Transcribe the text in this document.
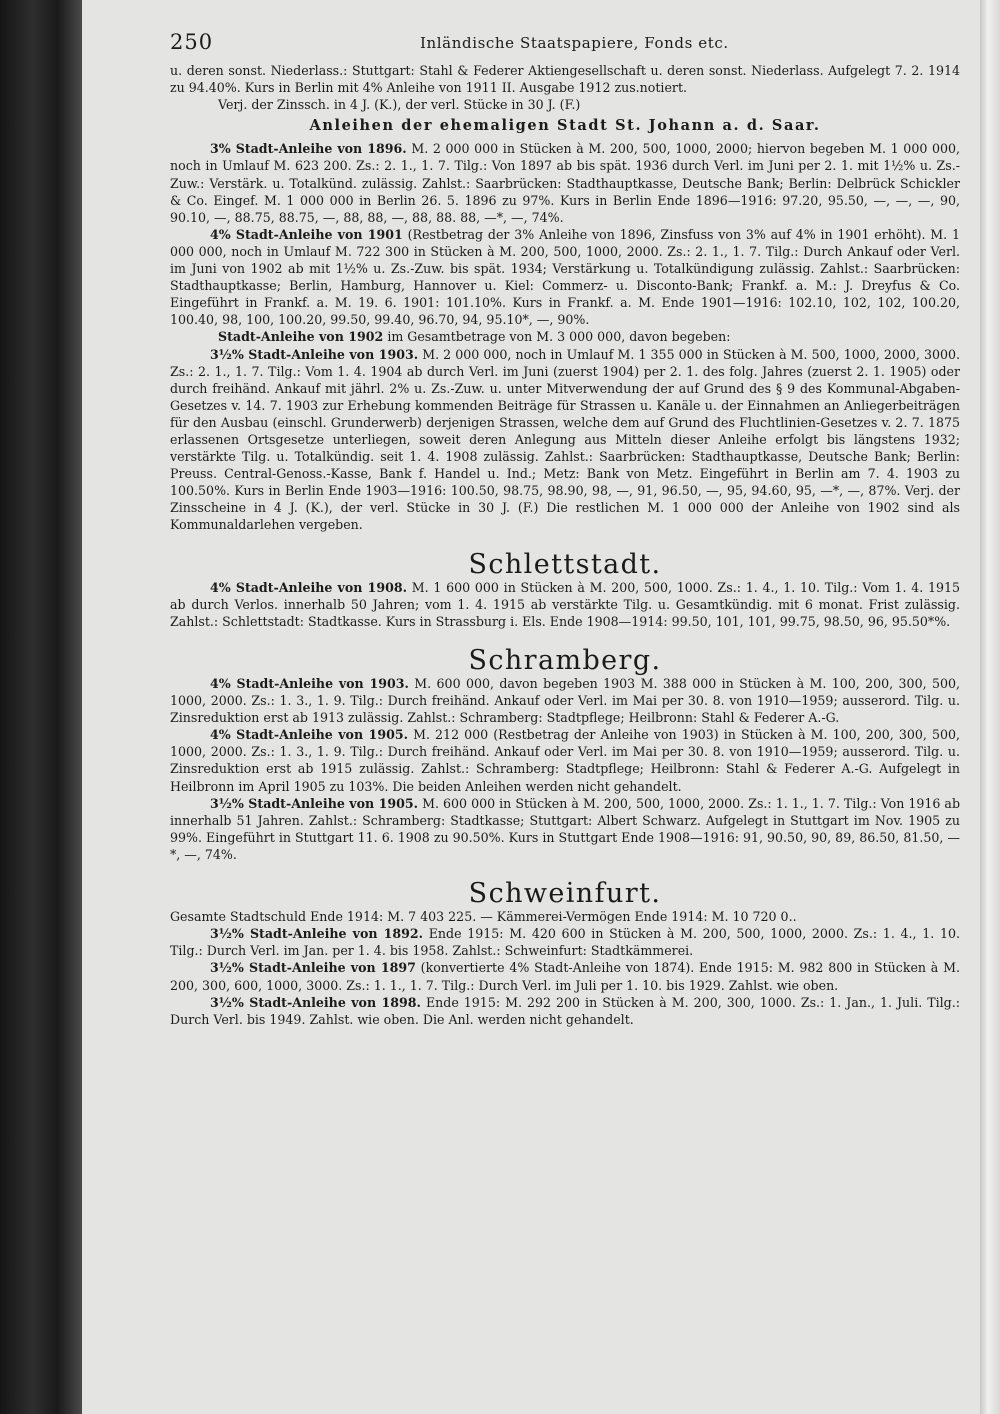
250	Inländische Staatspapiere, Fonds etc.

u. deren sonst. Niederlass.: Stuttgart: Stahl & Federer Aktiengesellschaft u. deren sonst. Niederlass. Aufgelegt 7. 2. 1914 zu 94.40%. Kurs in Berlin mit 4% Anleihe von 1911 II. Ausgabe 1912 zus.notiert.

Verj. der Zinssch. in 4 J. (K.), der verl. Stücke in 30 J. (F.)

Anleihen der ehemaligen Stadt St. Johann a. d. Saar.

3% Stadt-Anleihe von 1896. M. 2 000 000 in Stücken à M. 200, 500, 1000, 2000; hiervon begeben M. 1 000 000, noch in Umlauf M. 623 200. Zs.: 2. 1., 1. 7. Tilg.: Von 1897 ab bis spät. 1936 durch Verl. im Juni per 2. 1. mit 1½% u. Zs.-Zuw.: Verstärk. u. Totalkünd. zulässig. Zahlst.: Saarbrücken: Stadthauptkasse, Deutsche Bank; Berlin: Delbrück Schickler & Co. Eingef. M. 1 000 000 in Berlin 26. 5. 1896 zu 97%. Kurs in Berlin Ende 1896—1916: 97.20, 95.50, —, —, —, 90, 90.10, —, 88.75, 88.75, —, 88, 88, —, 88, 88. 88, —*, —, 74%.

4% Stadt-Anleihe von 1901 (Restbetrag der 3% Anleihe von 1896, Zinsfuss von 3% auf 4% in 1901 erhöht). M. 1 000 000, noch in Umlauf M. 722 300 in Stücken à M. 200, 500, 1000, 2000. Zs.: 2. 1., 1. 7. Tilg.: Durch Ankauf oder Verl. im Juni von 1902 ab mit 1½% u. Zs.-Zuw. bis spät. 1934; Verstärkung u. Totalkündigung zulässig. Zahlst.: Saarbrücken: Stadthauptkasse; Berlin, Hamburg, Hannover u. Kiel: Commerz- u. Disconto-Bank; Frankf. a. M.: J. Dreyfus & Co. Eingeführt in Frankf. a. M. 19. 6. 1901: 101.10%. Kurs in Frankf. a. M. Ende 1901—1916: 102.10, 102, 102, 100.20, 100.40, 98, 100, 100.20, 99.50, 99.40, 96.70, 94, 95.10*, —, 90%.

Stadt-Anleihe von 1902 im Gesamtbetrage von M. 3 000 000, davon begeben:

3½% Stadt-Anleihe von 1903. M. 2 000 000, noch in Umlauf M. 1 355 000 in Stücken à M. 500, 1000, 2000, 3000. Zs.: 2. 1., 1. 7. Tilg.: Vom 1. 4. 1904 ab durch Verl. im Juni (zuerst 1904) per 2. 1. des folg. Jahres (zuerst 2. 1. 1905) oder durch freihänd. Ankauf mit jährl. 2% u. Zs.-Zuw. u. unter Mitverwendung der auf Grund des § 9 des Kommunal-Abgaben-Gesetzes v. 14. 7. 1903 zur Erhebung kommenden Beiträge für Strassen u. Kanäle u. der Einnahmen an Anliegerbeiträgen für den Ausbau (einschl. Grunderwerb) derjenigen Strassen, welche dem auf Grund des Fluchtlinien-Gesetzes v. 2. 7. 1875 erlassenen Ortsgesetze unterliegen, soweit deren Anlegung aus Mitteln dieser Anleihe erfolgt bis längstens 1932; verstärkte Tilg. u. Totalkündig. seit 1. 4. 1908 zulässig. Zahlst.: Saarbrücken: Stadthauptkasse, Deutsche Bank; Berlin: Preuss. Central-Genoss.-Kasse, Bank f. Handel u. Ind.; Metz: Bank von Metz. Eingeführt in Berlin am 7. 4. 1903 zu 100.50%. Kurs in Berlin Ende 1903—1916: 100.50, 98.75, 98.90, 98, —, 91, 96.50, —, 95, 94.60, 95, —*, —, 87%. Verj. der Zinsscheine in 4 J. (K.), der verl. Stücke in 30 J. (F.) Die restlichen M. 1 000 000 der Anleihe von 1902 sind als Kommunaldarlehen vergeben.

Schlettstadt.

4% Stadt-Anleihe von 1908. M. 1 600 000 in Stücken à M. 200, 500, 1000. Zs.: 1. 4., 1. 10. Tilg.: Vom 1. 4. 1915 ab durch Verlos. innerhalb 50 Jahren; vom 1. 4. 1915 ab verstärkte Tilg. u. Gesamtkündig. mit 6 monat. Frist zulässig. Zahlst.: Schlettstadt: Stadtkasse. Kurs in Strassburg i. Els. Ende 1908—1914: 99.50, 101, 101, 99.75, 98.50, 96, 95.50*%.

Schramberg.

4% Stadt-Anleihe von 1903. M. 600 000, davon begeben 1903 M. 388 000 in Stücken à M. 100, 200, 300, 500, 1000, 2000. Zs.: 1. 3., 1. 9. Tilg.: Durch freihänd. Ankauf oder Verl. im Mai per 30. 8. von 1910—1959; ausserord. Tilg. u. Zinsreduktion erst ab 1913 zulässig. Zahlst.: Schramberg: Stadtpflege; Heilbronn: Stahl & Federer A.-G.

4% Stadt-Anleihe von 1905. M. 212 000 (Restbetrag der Anleihe von 1903) in Stücken à M. 100, 200, 300, 500, 1000, 2000. Zs.: 1. 3., 1. 9. Tilg.: Durch freihänd. Ankauf oder Verl. im Mai per 30. 8. von 1910—1959; ausserord. Tilg. u. Zinsreduktion erst ab 1915 zulässig. Zahlst.: Schramberg: Stadtpflege; Heilbronn: Stahl & Federer A.-G. Aufgelegt in Heilbronn im April 1905 zu 103%. Die beiden Anleihen werden nicht gehandelt.

3½% Stadt-Anleihe von 1905. M. 600 000 in Stücken à M. 200, 500, 1000, 2000. Zs.: 1. 1., 1. 7. Tilg.: Von 1916 ab innerhalb 51 Jahren. Zahlst.: Schramberg: Stadtkasse; Stuttgart: Albert Schwarz. Aufgelegt in Stuttgart im Nov. 1905 zu 99%. Eingeführt in Stuttgart 11. 6. 1908 zu 90.50%. Kurs in Stuttgart Ende 1908—1916: 91, 90.50, 90, 89, 86.50, 81.50, —*, —, 74%.

Schweinfurt.

Gesamte Stadtschuld Ende 1914: M. 7 403 225. — Kämmerei-Vermögen Ende 1914: M. 10 720 0..

3½% Stadt-Anleihe von 1892. Ende 1915: M. 420 600 in Stücken à M. 200, 500, 1000, 2000. Zs.: 1. 4., 1. 10. Tilg.: Durch Verl. im Jan. per 1. 4. bis 1958. Zahlst.: Schweinfurt: Stadtkämmerei.

3½% Stadt-Anleihe von 1897 (konvertierte 4% Stadt-Anleihe von 1874). Ende 1915: M. 982 800 in Stücken à M. 200, 300, 600, 1000, 3000. Zs.: 1. 1., 1. 7. Tilg.: Durch Verl. im Juli per 1. 10. bis 1929. Zahlst. wie oben.

3½% Stadt-Anleihe von 1898. Ende 1915: M. 292 200 in Stücken à M. 200, 300, 1000. Zs.: 1. Jan., 1. Juli. Tilg.: Durch Verl. bis 1949. Zahlst. wie oben. Die Anl. werden nicht gehandelt.
